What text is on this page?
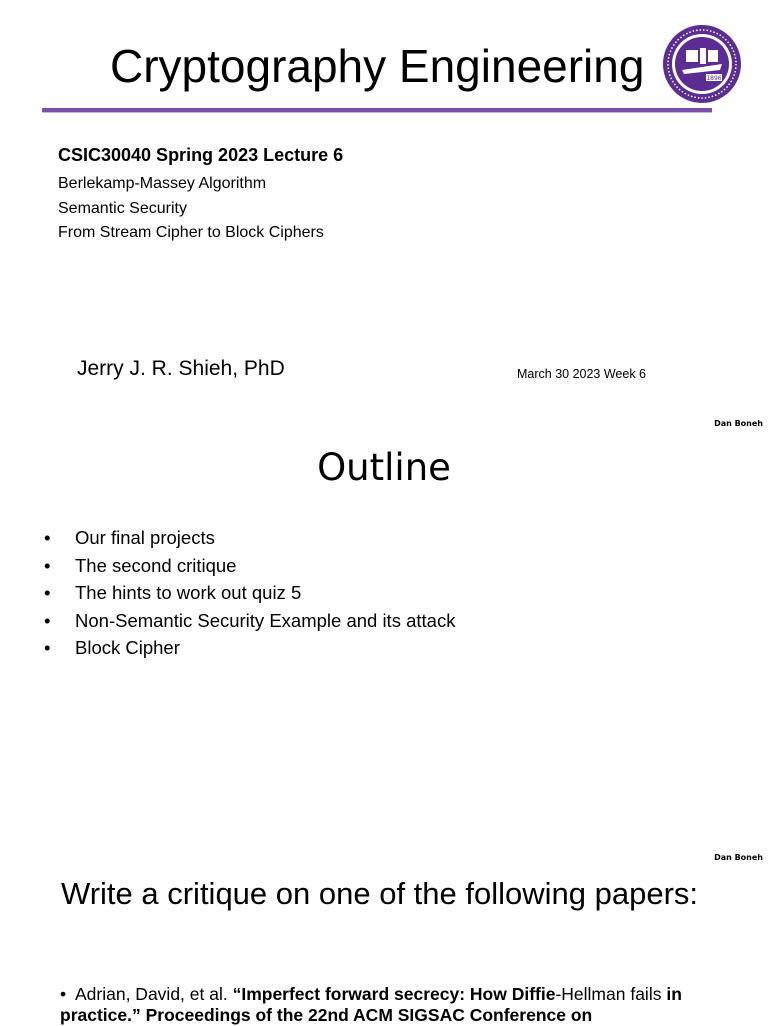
Cryptography Engineering	1896
CSIC30040 Spring 2023 Lecture 6
Berlekamp-Massey Algorithm
Semantic Security
From Stream Cipher to Block Ciphers
Jerry J. R. Shieh, PhD	March 30 2023 Week 6
Dan Boneh
Outline
• Our final projects
• The second critique
• The hints to work out quiz 5
• Non-Semantic Security Example and its attack
• Block Cipher
Dan Boneh
Write a critique on one of the following papers:
• Adrian, David, et al. “Imperfect forward secrecy: How Diffie-Hellman fails in practice.” Proceedings of the 22nd ACM SIGSAC Conference on
